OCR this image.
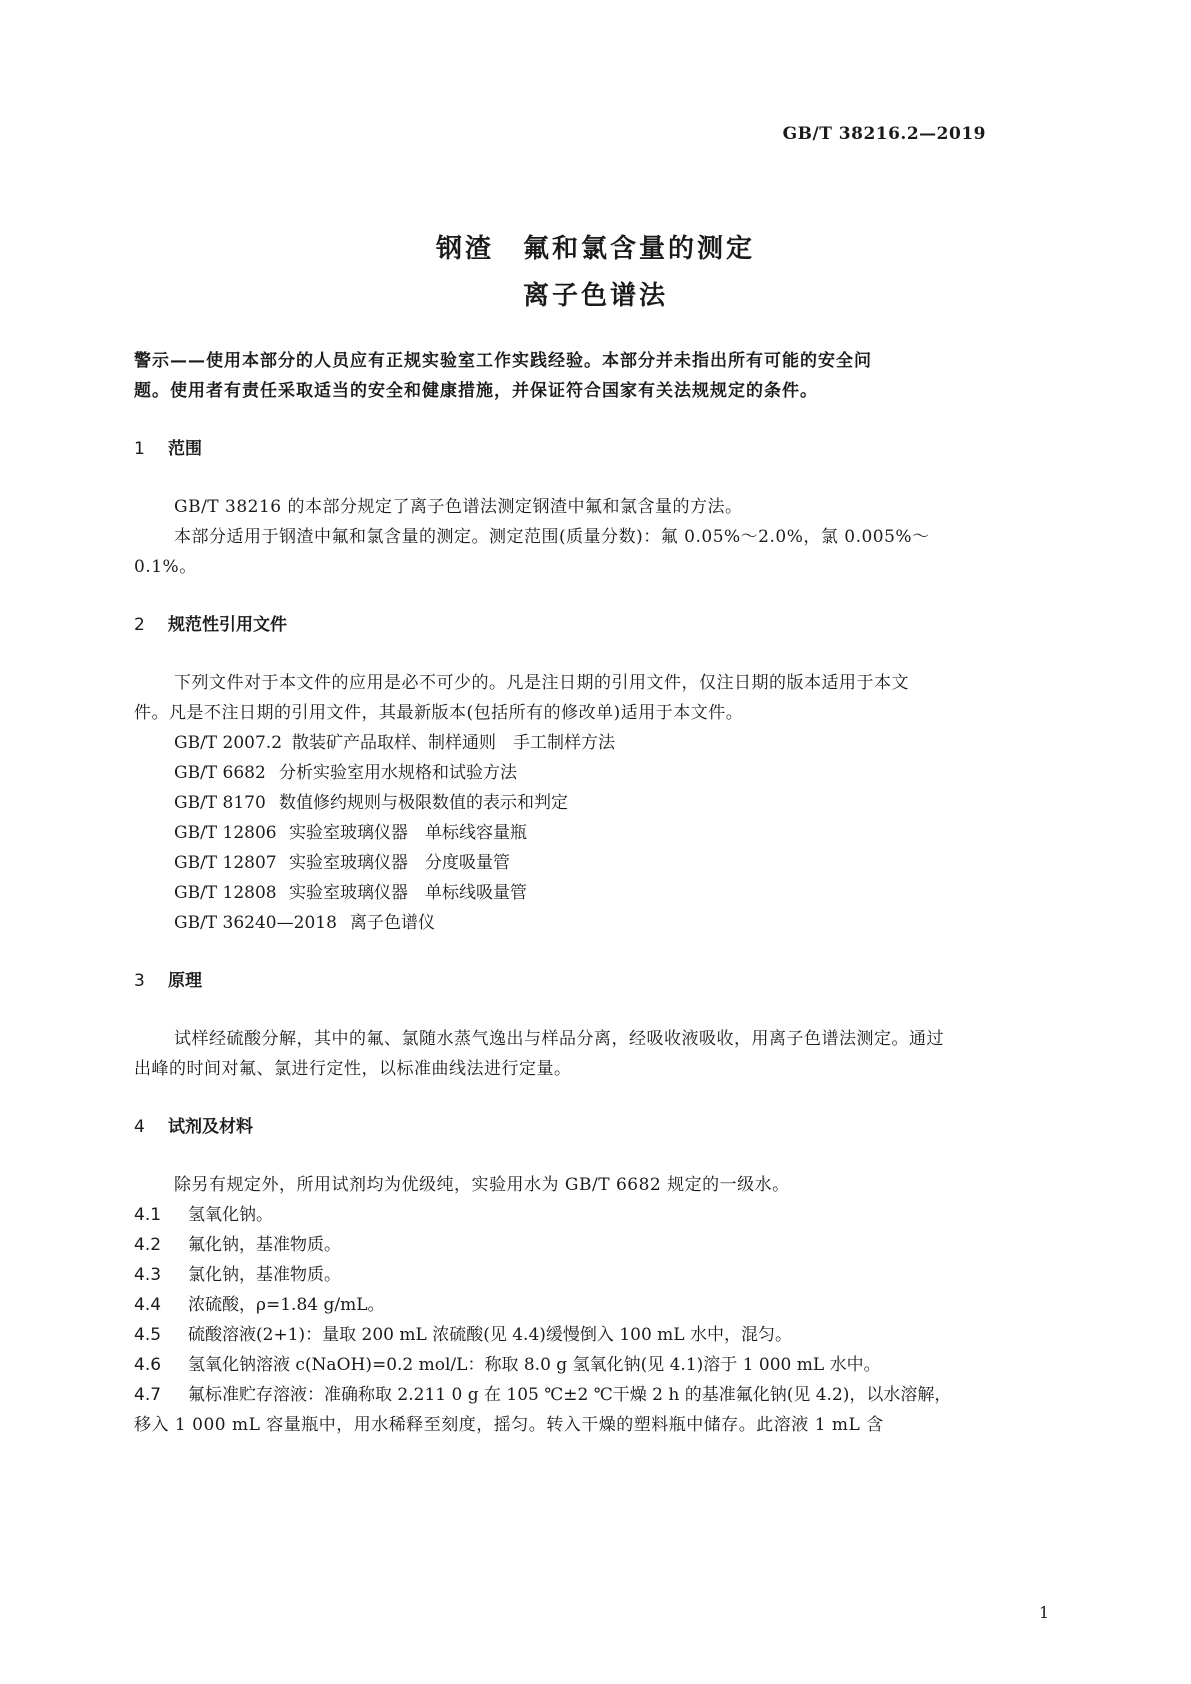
GB/T 38216.2—2019
钢渣　氟和氯含量的测定
离子色谱法
警示——使用本部分的人员应有正规实验室工作实践经验。本部分并未指出所有可能的安全问
题。使用者有责任采取适当的安全和健康措施，并保证符合国家有关法规规定的条件。
1 范围
GB/T 38216 的本部分规定了离子色谱法测定钢渣中氟和氯含量的方法。
本部分适用于钢渣中氟和氯含量的测定。测定范围(质量分数)：氟 0.05%～2.0%，氯 0.005%～
0.1%。
2 规范性引用文件
下列文件对于本文件的应用是必不可少的。凡是注日期的引用文件，仅注日期的版本适用于本文
件。凡是不注日期的引用文件，其最新版本(包括所有的修改单)适用于本文件。
GB/T 2007.2 散装矿产品取样、制样通则　手工制样方法
GB/T 6682 分析实验室用水规格和试验方法
GB/T 8170 数值修约规则与极限数值的表示和判定
GB/T 12806 实验室玻璃仪器　单标线容量瓶
GB/T 12807 实验室玻璃仪器　分度吸量管
GB/T 12808 实验室玻璃仪器　单标线吸量管
GB/T 36240—2018 离子色谱仪
3 原理
试样经硫酸分解，其中的氟、氯随水蒸气逸出与样品分离，经吸收液吸收，用离子色谱法测定。通过
出峰的时间对氟、氯进行定性，以标准曲线法进行定量。
4 试剂及材料
除另有规定外，所用试剂均为优级纯，实验用水为 GB/T 6682 规定的一级水。
4.1 氢氧化钠。
4.2 氟化钠，基准物质。
4.3 氯化钠，基准物质。
4.4 浓硫酸，ρ=1.84 g/mL。
4.5 硫酸溶液(2+1)：量取 200 mL 浓硫酸(见 4.4)缓慢倒入 100 mL 水中，混匀。
4.6 氢氧化钠溶液 c(NaOH)=0.2 mol/L：称取 8.0 g 氢氧化钠(见 4.1)溶于 1 000 mL 水中。
4.7 氟标准贮存溶液：准确称取 2.211 0 g 在 105 ℃±2 ℃干燥 2 h 的基准氟化钠(见 4.2)，以水溶解，
移入 1 000 mL 容量瓶中，用水稀释至刻度，摇匀。转入干燥的塑料瓶中储存。此溶液 1 mL 含
1
